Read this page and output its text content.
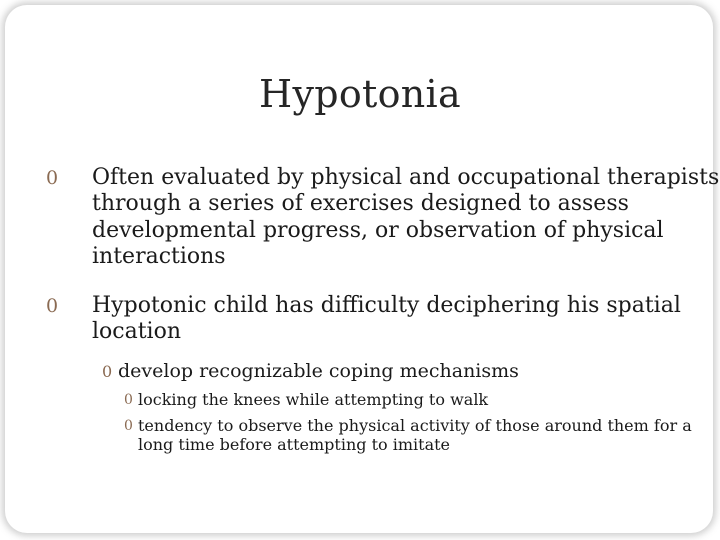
Hypotonia
0 Often evaluated by physical and occupational therapists through a series of exercises designed to assess developmental progress, or observation of physical interactions
0 Hypotonic child has difficulty deciphering his spatial location
0 develop recognizable coping mechanisms
0 locking the knees while attempting to walk
0 tendency to observe the physical activity of those around them for a long time before attempting to imitate
